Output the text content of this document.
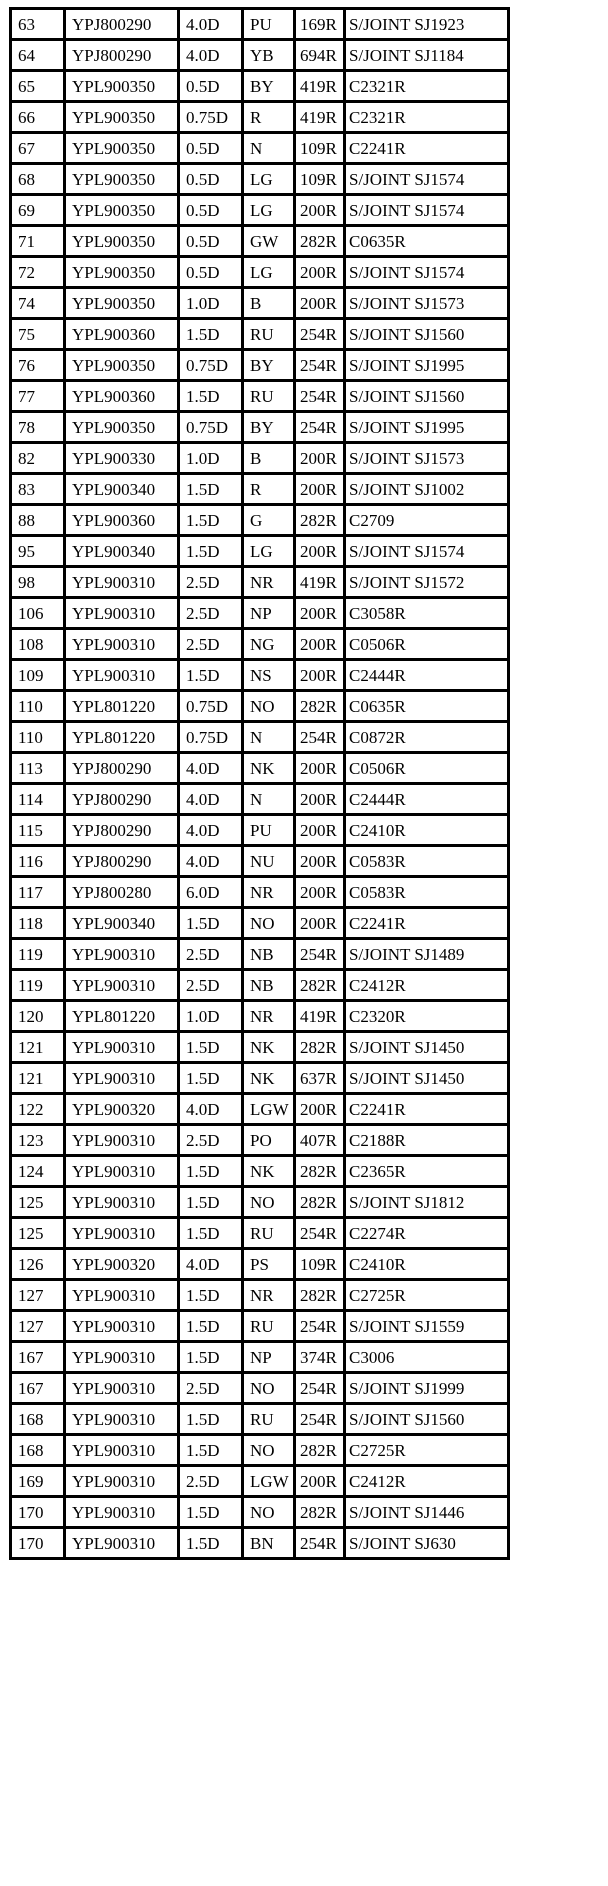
63	YPJ800290	4.0D	PU	169R	S/JOINT SJ1923
64	YPJ800290	4.0D	YB	694R	S/JOINT SJ1184
65	YPL900350	0.5D	BY	419R	C2321R
66	YPL900350	0.75D	R	419R	C2321R
67	YPL900350	0.5D	N	109R	C2241R
68	YPL900350	0.5D	LG	109R	S/JOINT SJ1574
69	YPL900350	0.5D	LG	200R	S/JOINT SJ1574
71	YPL900350	0.5D	GW	282R	C0635R
72	YPL900350	0.5D	LG	200R	S/JOINT SJ1574
74	YPL900350	1.0D	B	200R	S/JOINT SJ1573
75	YPL900360	1.5D	RU	254R	S/JOINT SJ1560
76	YPL900350	0.75D	BY	254R	S/JOINT SJ1995
77	YPL900360	1.5D	RU	254R	S/JOINT SJ1560
78	YPL900350	0.75D	BY	254R	S/JOINT SJ1995
82	YPL900330	1.0D	B	200R	S/JOINT SJ1573
83	YPL900340	1.5D	R	200R	S/JOINT SJ1002
88	YPL900360	1.5D	G	282R	C2709
95	YPL900340	1.5D	LG	200R	S/JOINT SJ1574
98	YPL900310	2.5D	NR	419R	S/JOINT SJ1572
106	YPL900310	2.5D	NP	200R	C3058R
108	YPL900310	2.5D	NG	200R	C0506R
109	YPL900310	1.5D	NS	200R	C2444R
110	YPL801220	0.75D	NO	282R	C0635R
110	YPL801220	0.75D	N	254R	C0872R
113	YPJ800290	4.0D	NK	200R	C0506R
114	YPJ800290	4.0D	N	200R	C2444R
115	YPJ800290	4.0D	PU	200R	C2410R
116	YPJ800290	4.0D	NU	200R	C0583R
117	YPJ800280	6.0D	NR	200R	C0583R
118	YPL900340	1.5D	NO	200R	C2241R
119	YPL900310	2.5D	NB	254R	S/JOINT SJ1489
119	YPL900310	2.5D	NB	282R	C2412R
120	YPL801220	1.0D	NR	419R	C2320R
121	YPL900310	1.5D	NK	282R	S/JOINT SJ1450
121	YPL900310	1.5D	NK	637R	S/JOINT SJ1450
122	YPL900320	4.0D	LGW	200R	C2241R
123	YPL900310	2.5D	PO	407R	C2188R
124	YPL900310	1.5D	NK	282R	C2365R
125	YPL900310	1.5D	NO	282R	S/JOINT SJ1812
125	YPL900310	1.5D	RU	254R	C2274R
126	YPL900320	4.0D	PS	109R	C2410R
127	YPL900310	1.5D	NR	282R	C2725R
127	YPL900310	1.5D	RU	254R	S/JOINT SJ1559
167	YPL900310	1.5D	NP	374R	C3006
167	YPL900310	2.5D	NO	254R	S/JOINT SJ1999
168	YPL900310	1.5D	RU	254R	S/JOINT SJ1560
168	YPL900310	1.5D	NO	282R	C2725R
169	YPL900310	2.5D	LGW	200R	C2412R
170	YPL900310	1.5D	NO	282R	S/JOINT SJ1446
170	YPL900310	1.5D	BN	254R	S/JOINT SJ630
